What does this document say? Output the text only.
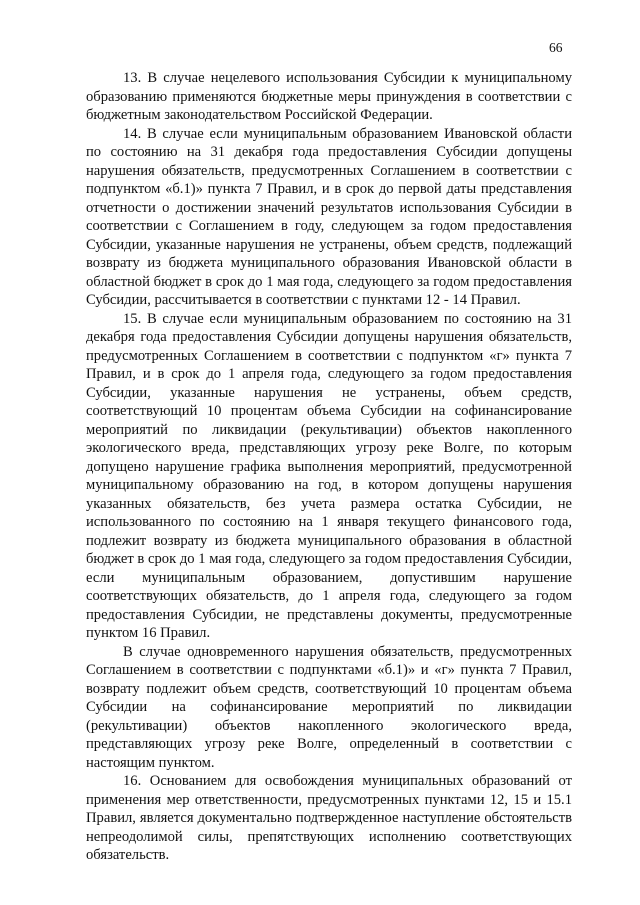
66

13. В случае нецелевого использования Субсидии к муниципальному образованию применяются бюджетные меры принуждения в соответствии с бюджетным законодательством Российской Федерации.

14. В случае если муниципальным образованием Ивановской области по состоянию на 31 декабря года предоставления Субсидии допущены нарушения обязательств, предусмотренных Соглашением в соответствии с подпунктом «б.1)» пункта 7 Правил, и в срок до первой даты представления отчетности о достижении значений результатов использования Субсидии в соответствии с Соглашением в году, следующем за годом предоставления Субсидии, указанные нарушения не устранены, объем средств, подлежащий возврату из бюджета муниципального образования Ивановской области в областной бюджет в срок до 1 мая года, следующего за годом предоставления Субсидии, рассчитывается в соответствии с пунктами 12 - 14 Правил.

15. В случае если муниципальным образованием по состоянию на 31 декабря года предоставления Субсидии допущены нарушения обязательств, предусмотренных Соглашением в соответствии с подпунктом «г» пункта 7 Правил, и в срок до 1 апреля года, следующего за годом предоставления Субсидии, указанные нарушения не устранены, объем средств, соответствующий 10 процентам объема Субсидии на софинансирование мероприятий по ликвидации (рекультивации) объектов накопленного экологического вреда, представляющих угрозу реке Волге, по которым допущено нарушение графика выполнения мероприятий, предусмотренной муниципальному образованию на год, в котором допущены нарушения указанных обязательств, без учета размера остатка Субсидии, не использованного по состоянию на 1 января текущего финансового года, подлежит возврату из бюджета муниципального образования в областной бюджет в срок до 1 мая года, следующего за годом предоставления Субсидии, если муниципальным образованием, допустившим нарушение соответствующих обязательств, до 1 апреля года, следующего за годом предоставления Субсидии, не представлены документы, предусмотренные пунктом 16 Правил.

В случае одновременного нарушения обязательств, предусмотренных Соглашением в соответствии с подпунктами «б.1)» и «г» пункта 7 Правил, возврату подлежит объем средств, соответствующий 10 процентам объема Субсидии на софинансирование мероприятий по ликвидации (рекультивации) объектов накопленного экологического вреда, представляющих угрозу реке Волге, определенный в соответствии с настоящим пунктом.

16. Основанием для освобождения муниципальных образований от применения мер ответственности, предусмотренных пунктами 12, 15 и 15.1 Правил, является документально подтвержденное наступление обстоятельств непреодолимой силы, препятствующих исполнению соответствующих обязательств.
